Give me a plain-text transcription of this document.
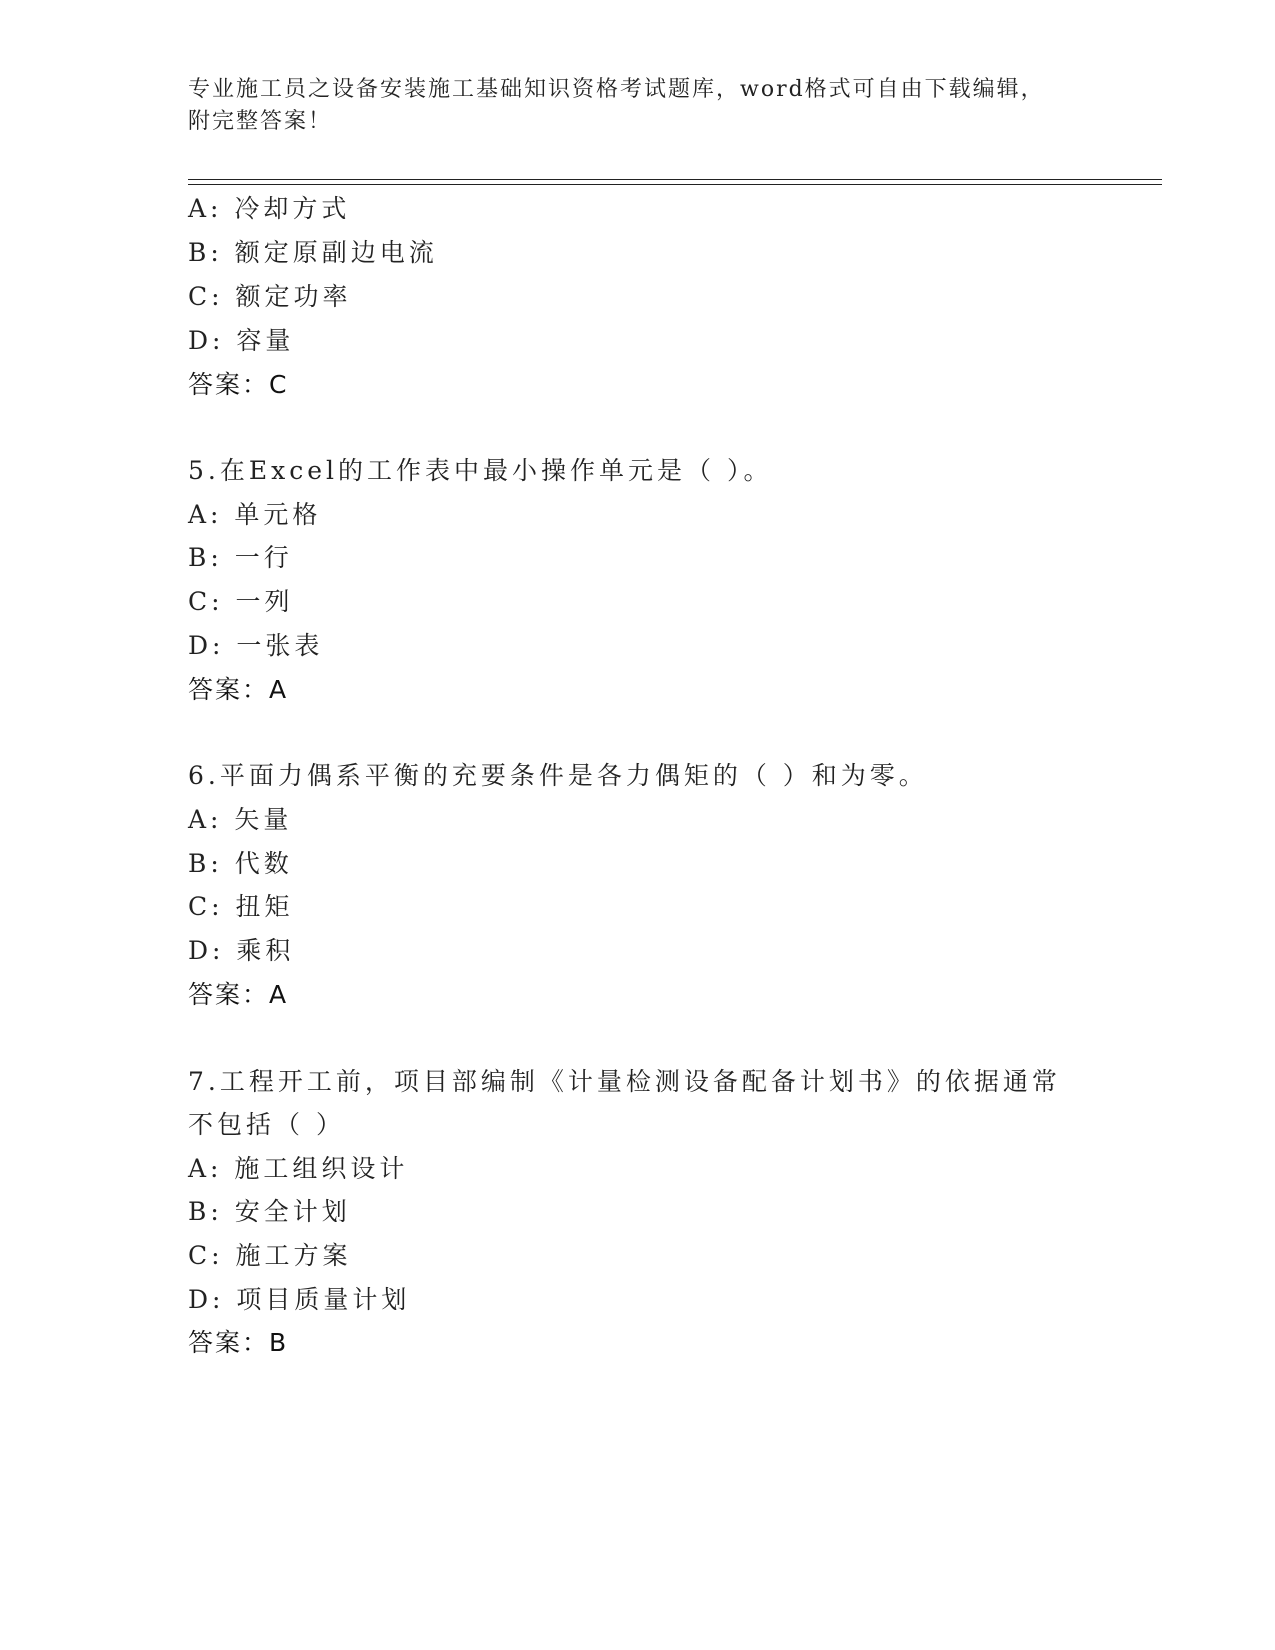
专业施工员之设备安装施工基础知识资格考试题库，word格式可自由下载编辑，
附完整答案！
A: 冷却方式
B: 额定原副边电流
C: 额定功率
D: 容量
答案：C
5.在Excel的工作表中最小操作单元是（ ）。
A: 单元格
B: 一行
C: 一列
D: 一张表
答案：A
6.平面力偶系平衡的充要条件是各力偶矩的（ ）和为零。
A: 矢量
B: 代数
C: 扭矩
D: 乘积
答案：A
7.工程开工前，项目部编制《计量检测设备配备计划书》的依据通常
不包括（ ）
A: 施工组织设计
B: 安全计划
C: 施工方案
D: 项目质量计划
答案：B
